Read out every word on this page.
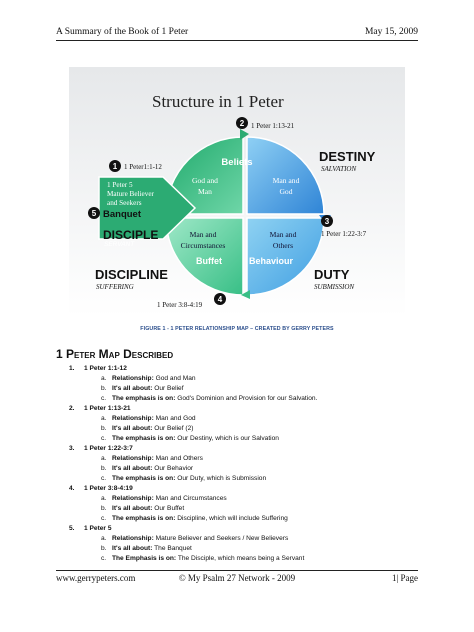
A Summary of the Book of 1 Peter	May 15, 2009
Structure in 1 Peter
God and
Man
Man and
God
Man and
Circumstances
Man and
Others
Beliefs
Buffet	Behaviour
1 Peter 5
Mature Believer
and Seekers
DISCIPLE
SERVANT
DESTINY
SALVATION
DUTY
SUBMISSION
DISCIPLINE
SUFFERING
1 1 Peter1:1-12
2 1 Peter 1:13-21
3
1 Peter 1:22-3:7
4
1 Peter 3:8-4:19
5 Banquet
FIGURE 1 - 1 PETER RELATIONSHIP MAP – CREATED BY GERRY PETERS
1 Peter Map Described
1. 1 Peter 1:1-12
a. Relationship: God and Man
b. It's all about: Our Belief
c. The emphasis is on: God's Dominion and Provision for our Salvation.
2. 1 Peter 1:13-21
a. Relationship: Man and God
b. It's all about: Our Belief (2)
c. The emphasis is on: Our Destiny, which is our Salvation
3. 1 Peter 1:22-3:7
a. Relationship: Man and Others
b. It's all about: Our Behavior
c. The emphasis is on: Our Duty, which is Submission
4. 1 Peter 3:8-4:19
a. Relationship: Man and Circumstances
b. It's all about: Our Buffet
c. The emphasis is on: Discipline, which will include Suffering
5. 1 Peter 5
a. Relationship: Mature Believer and Seekers / New Believers
b. It's all about: The Banquet
c. The Emphasis is on: The Disciple, which means being a Servant
www.gerrypeters.com	© My Psalm 27 Network - 2009	1| Page
